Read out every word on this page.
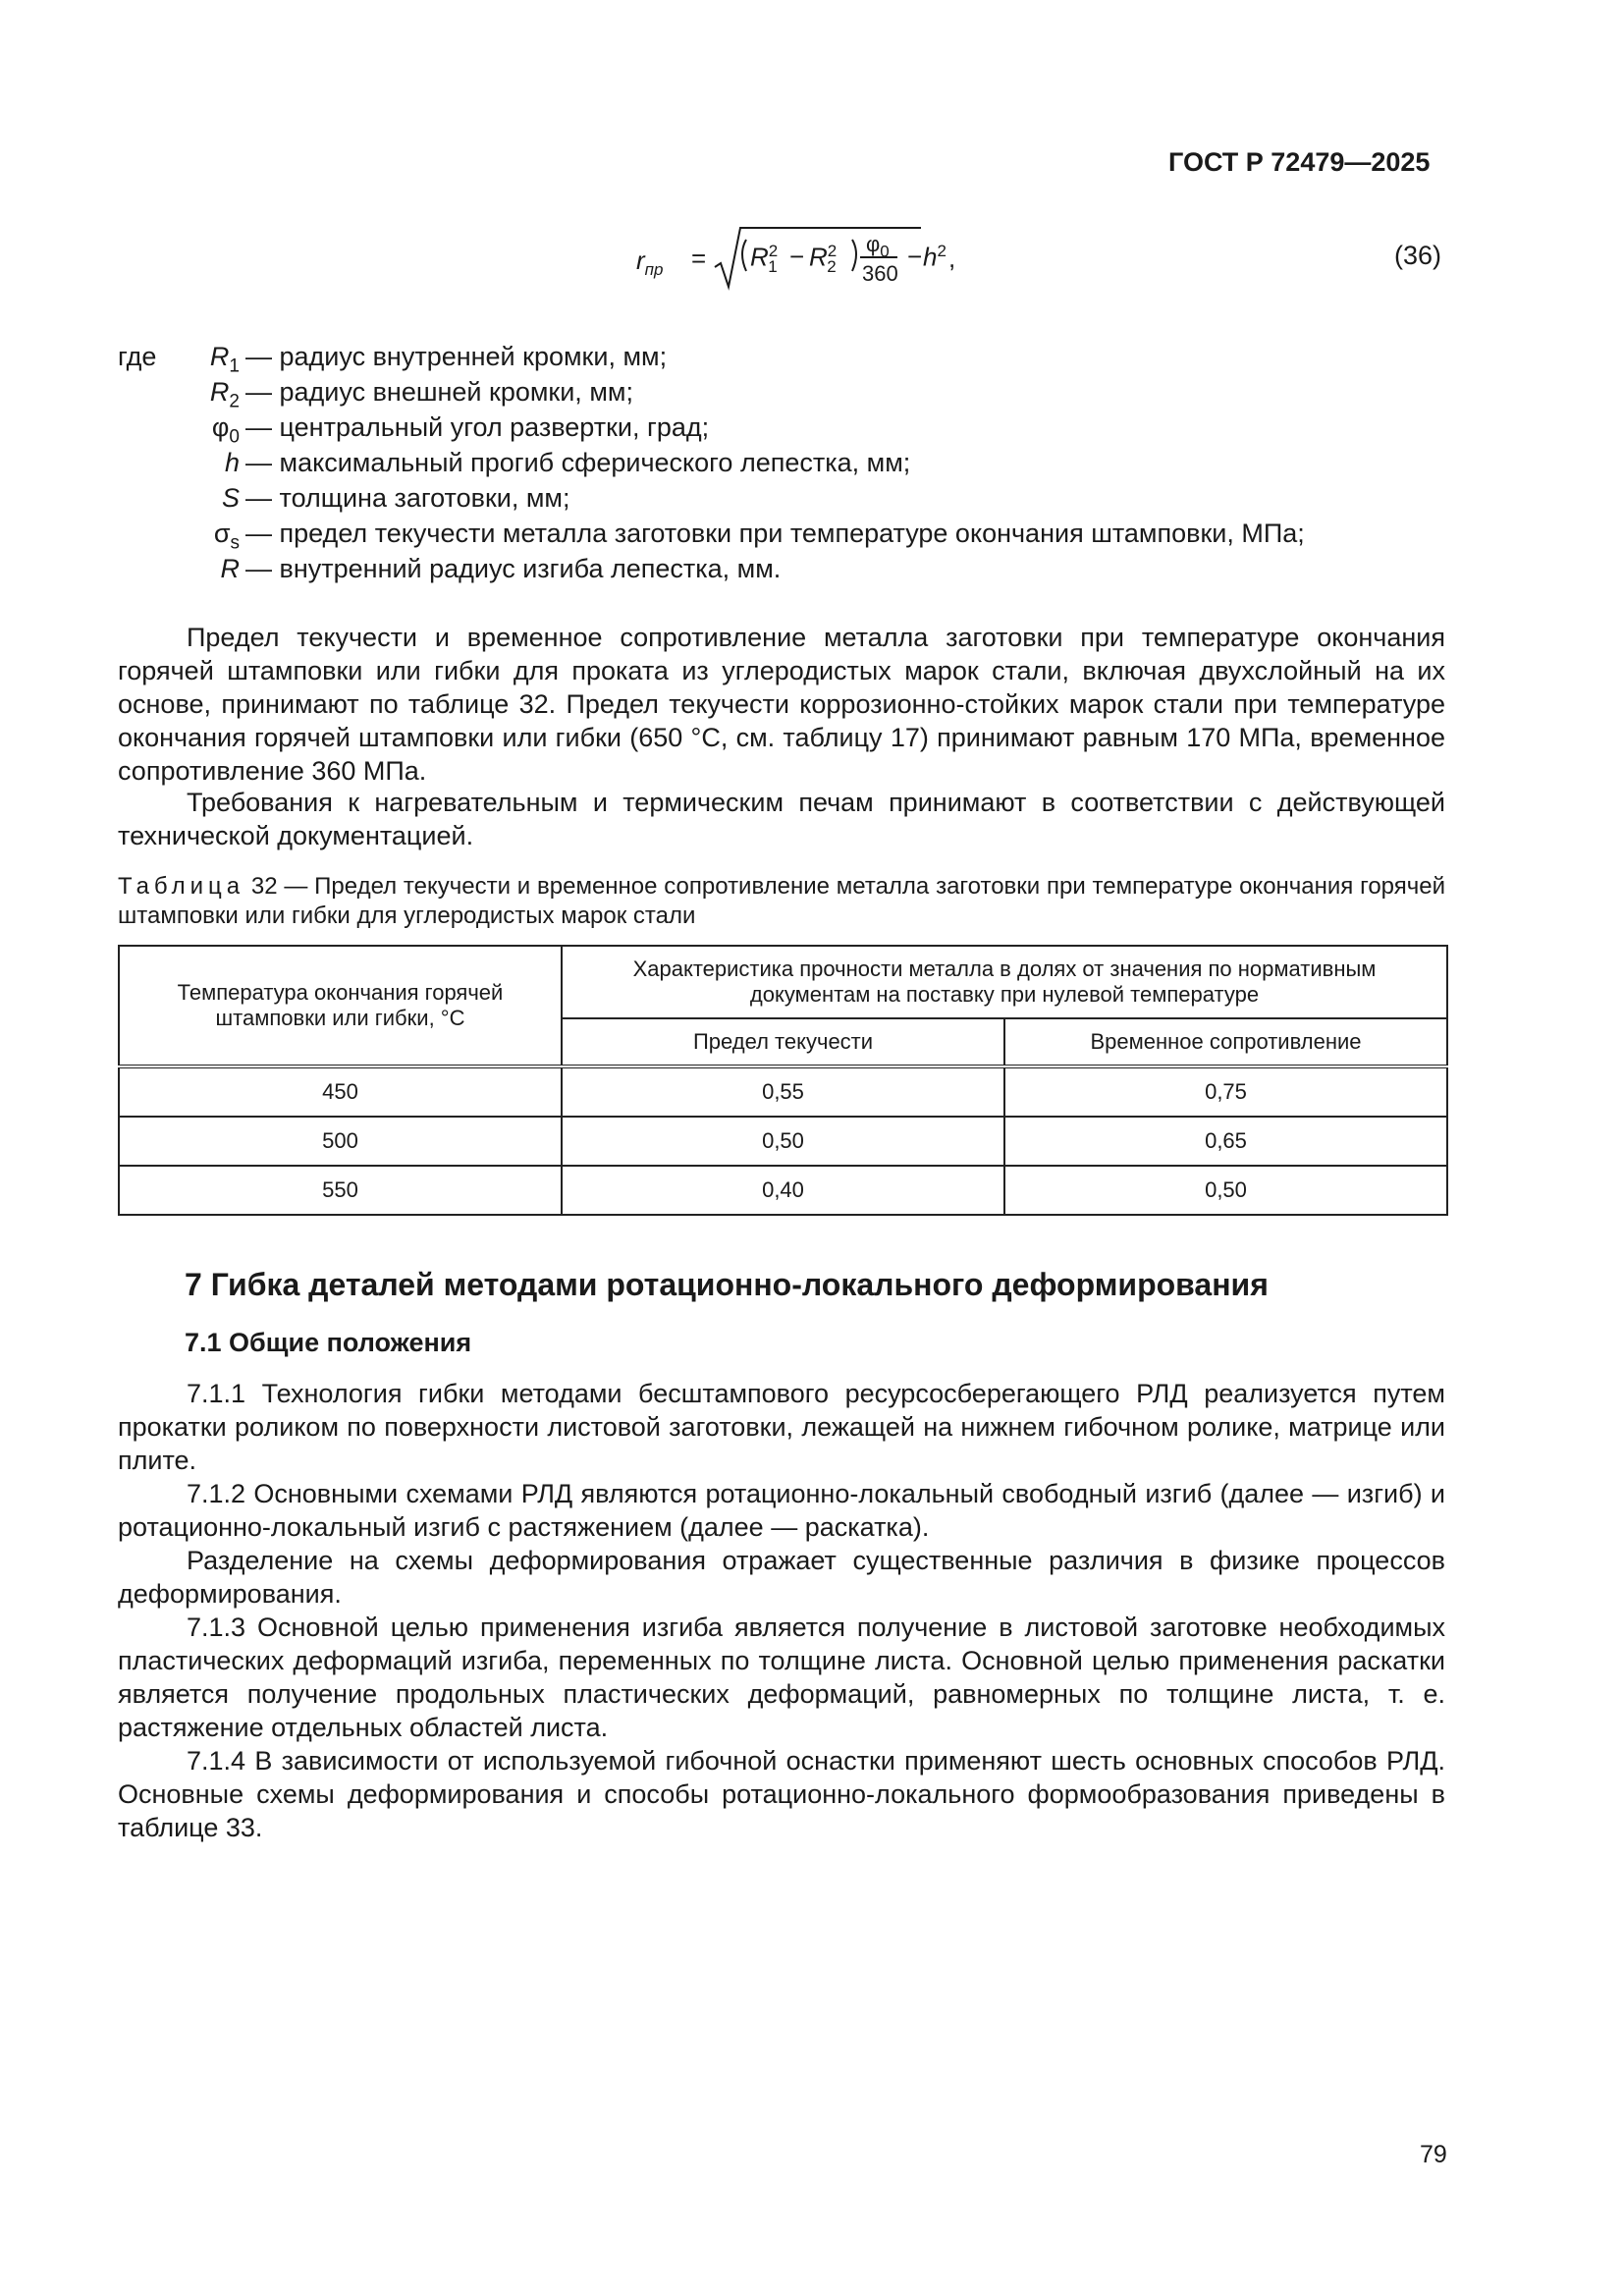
ГОСТ Р 72479—2025
$r_{пр} = R^2_1 - R^2_2$
$\varphi_0$
360
− $h^2$ ,	(36)
где	$R_1$ — радиус внутренней кромки, мм;
$R_2$ — радиус внешней кромки, мм;
$\varphi_0$ — центральный угол развертки, град;
h — максимальный прогиб сферического лепестка, мм;
S — толщина заготовки, мм;
$\sigma_s$ — предел текучести металла заготовки при температуре окончания штамповки, МПа;
R — внутренний радиус изгиба лепестка, мм.
Предел текучести и временное сопротивление металла заготовки при температуре окончания горячей штамповки или гибки для проката из углеродистых марок стали, включая двухслойный на их основе, принимают по таблице 32. Предел текучести коррозионно-стойких марок стали при температуре окончания горячей штамповки или гибки (650 °С, см. таблицу 17) принимают равным 170 МПа, временное сопротивление 360 МПа.
Требования к нагревательным и термическим печам принимают в соответствии с действующей технической документацией.
Таблица 32 — Предел текучести и временное сопротивление металла заготовки при температуре окончания горячей штамповки или гибки для углеродистых марок стали
Температура окончания горячей штамповки или гибки, °С	Характеристика прочности металла в долях от значения по нормативным документам на поставку при нулевой температуре	
	Предел текучести	Временное сопротивление
450	0,55	0,75
500	0,50	0,65
550	0,40	0,50
7 Гибка деталей методами ротационно-локального деформирования
7.1 Общие положения
7.1.1 Технология гибки методами бесштампового ресурсосберегающего РЛД реализуется путем прокатки роликом по поверхности листовой заготовки, лежащей на нижнем гибочном ролике, матрице или плите.
7.1.2 Основными схемами РЛД являются ротационно-локальный свободный изгиб (далее — изгиб) и ротационно-локальный изгиб с растяжением (далее — раскатка).
Разделение на схемы деформирования отражает существенные различия в физике процессов деформирования.
7.1.3 Основной целью применения изгиба является получение в листовой заготовке необходимых пластических деформаций изгиба, переменных по толщине листа. Основной целью применения раскатки является получение продольных пластических деформаций, равномерных по толщине листа, т. е. растяжение отдельных областей листа.
7.1.4 В зависимости от используемой гибочной оснастки применяют шесть основных способов РЛД. Основные схемы деформирования и способы ротационно-локального формообразования приведены в таблице 33.
79
